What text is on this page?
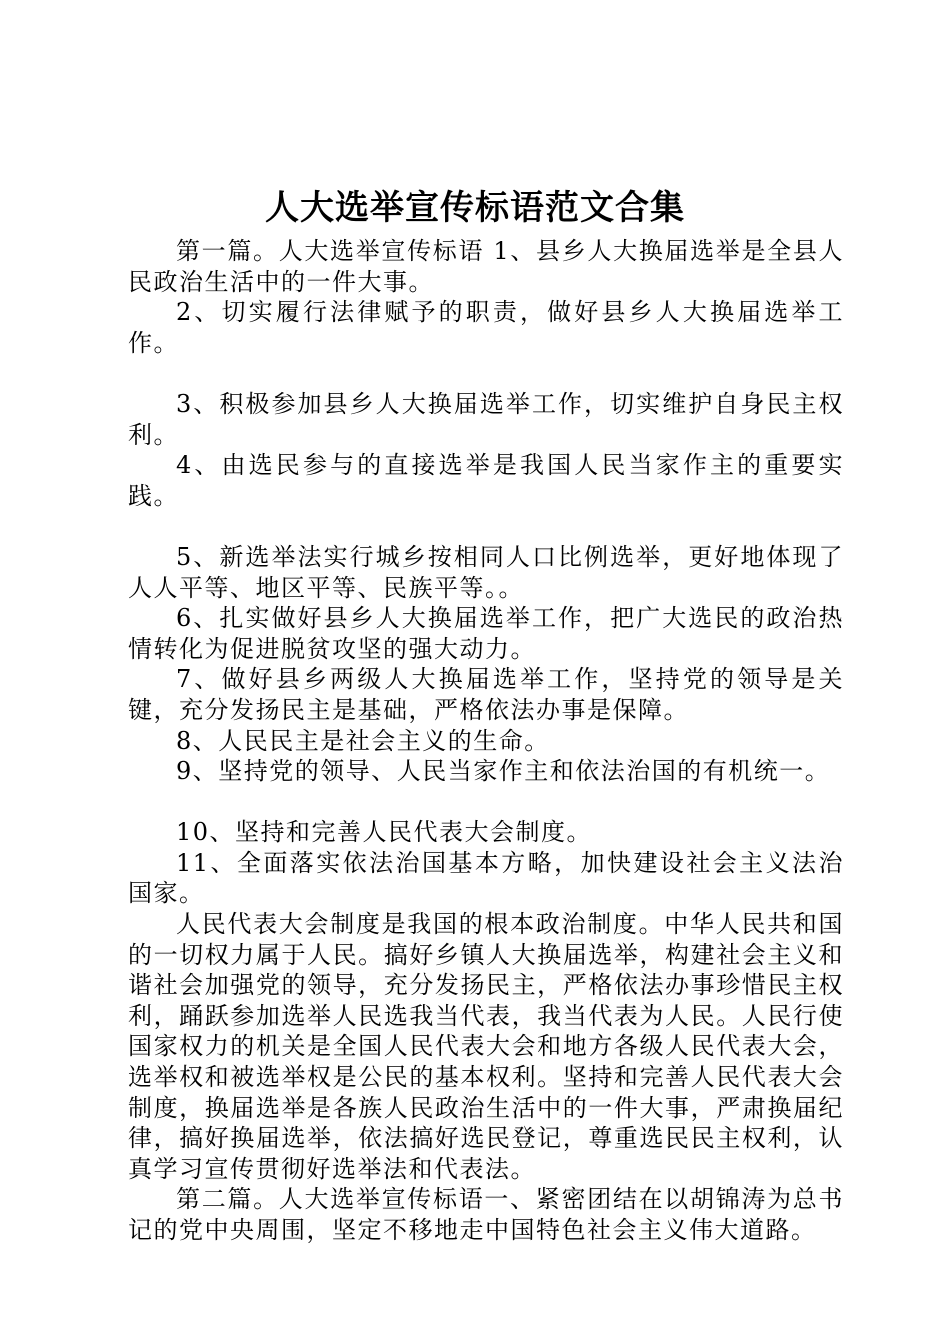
人大选举宣传标语范文合集

第一篇。人大选举宣传标语 1、县乡人大换届选举是全县人民政治生活中的一件大事。

2、切实履行法律赋予的职责，做好县乡人大换届选举工作。

3、积极参加县乡人大换届选举工作，切实维护自身民主权利。

4、由选民参与的直接选举是我国人民当家作主的重要实践。

5、新选举法实行城乡按相同人口比例选举，更好地体现了人人平等、地区平等、民族平等。。

6、扎实做好县乡人大换届选举工作，把广大选民的政治热情转化为促进脱贫攻坚的强大动力。

7、做好县乡两级人大换届选举工作，坚持党的领导是关键，充分发扬民主是基础，严格依法办事是保障。

8、人民民主是社会主义的生命。

9、坚持党的领导、人民当家作主和依法治国的有机统一。

10、坚持和完善人民代表大会制度。

11、全面落实依法治国基本方略，加快建设社会主义法治国家。

人民代表大会制度是我国的根本政治制度。中华人民共和国的一切权力属于人民。搞好乡镇人大换届选举，构建社会主义和谐社会加强党的领导，充分发扬民主，严格依法办事珍惜民主权利，踊跃参加选举人民选我当代表，我当代表为人民。人民行使国家权力的机关是全国人民代表大会和地方各级人民代表大会，选举权和被选举权是公民的基本权利。坚持和完善人民代表大会制度，换届选举是各族人民政治生活中的一件大事，严肃换届纪律，搞好换届选举，依法搞好选民登记，尊重选民民主权利，认真学习宣传贯彻好选举法和代表法。

第二篇。人大选举宣传标语一、紧密团结在以胡锦涛为总书记的党中央周围，坚定不移地走中国特色社会主义伟大道路。
